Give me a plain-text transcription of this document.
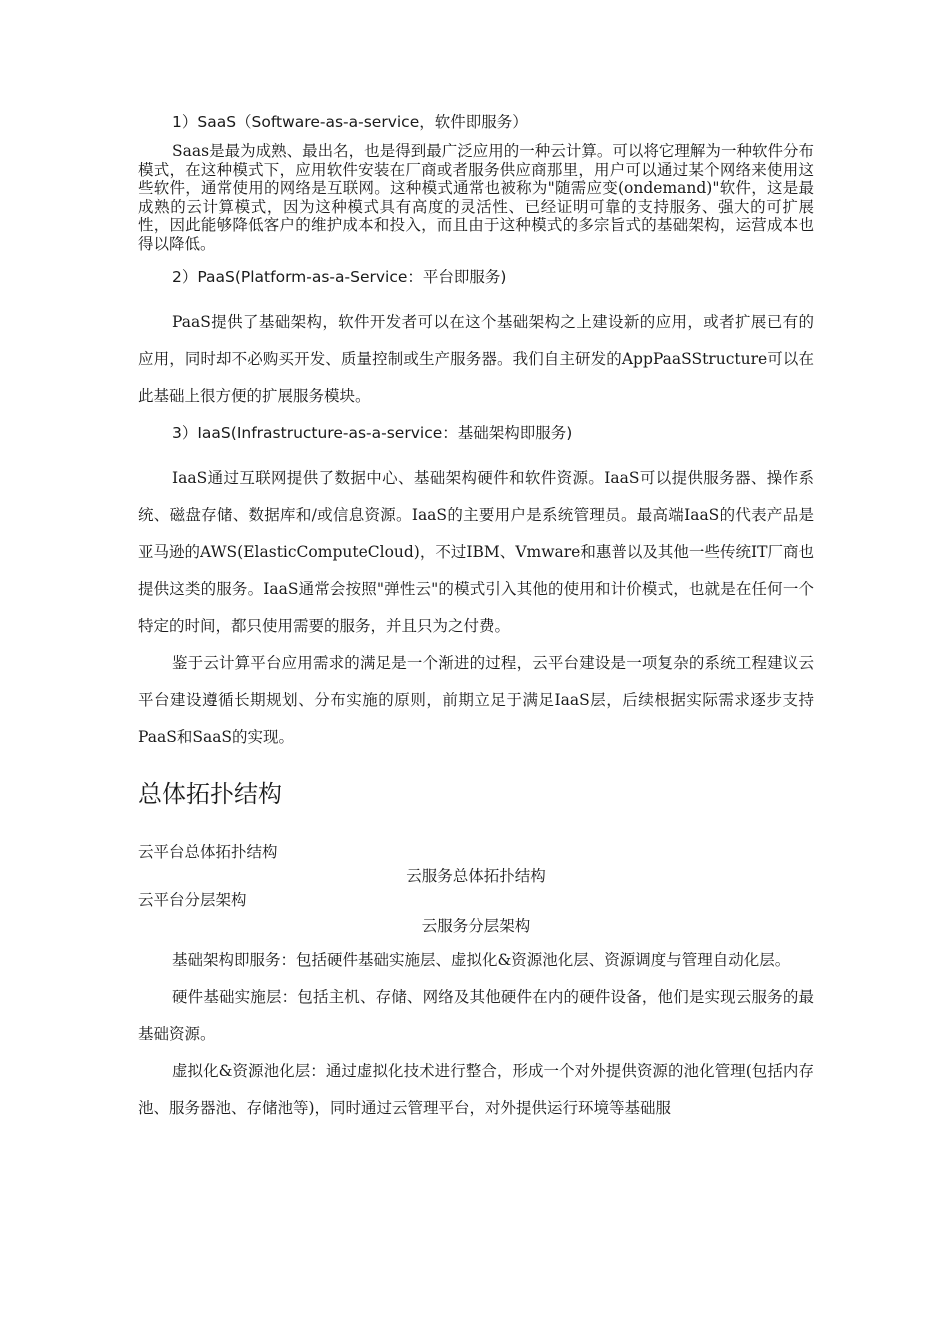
1）SaaS（Software-as-a-service，软件即服务）

Saas是最为成熟、最出名，也是得到最广泛应用的一种云计算。可以将它理解为一种软件分布模式，在这种模式下，应用软件安装在厂商或者服务供应商那里，用户可以通过某个网络来使用这些软件，通常使用的网络是互联网。这种模式通常也被称为"随需应变(ondemand)"软件，这是最成熟的云计算模式，因为这种模式具有高度的灵活性、已经证明可靠的支持服务、强大的可扩展性，因此能够降低客户的维护成本和投入，而且由于这种模式的多宗旨式的基础架构，运营成本也得以降低。

2）PaaS(Platform-as-a-Service：平台即服务)

PaaS提供了基础架构，软件开发者可以在这个基础架构之上建设新的应用，或者扩展已有的应用，同时却不必购买开发、质量控制或生产服务器。我们自主研发的AppPaaSStructure可以在此基础上很方便的扩展服务模块。

3）IaaS(Infrastructure-as-a-service：基础架构即服务)

IaaS通过互联网提供了数据中心、基础架构硬件和软件资源。IaaS可以提供服务器、操作系统、磁盘存储、数据库和/或信息资源。IaaS的主要用户是系统管理员。最高端IaaS的代表产品是亚马逊的AWS(ElasticComputeCloud)，不过IBM、Vmware和惠普以及其他一些传统IT厂商也提供这类的服务。IaaS通常会按照"弹性云"的模式引入其他的使用和计价模式，也就是在任何一个特定的时间，都只使用需要的服务，并且只为之付费。

鉴于云计算平台应用需求的满足是一个渐进的过程，云平台建设是一项复杂的系统工程建议云平台建设遵循长期规划、分布实施的原则，前期立足于满足IaaS层，后续根据实际需求逐步支持PaaS和SaaS的实现。

总体拓扑结构

云平台总体拓扑结构

云服务总体拓扑结构

云平台分层架构

云服务分层架构

基础架构即服务：包括硬件基础实施层、虚拟化&资源池化层、资源调度与管理自动化层。

硬件基础实施层：包括主机、存储、网络及其他硬件在内的硬件设备，他们是实现云服务的最基础资源。

虚拟化&资源池化层：通过虚拟化技术进行整合，形成一个对外提供资源的池化管理(包括内存池、服务器池、存储池等)，同时通过云管理平台，对外提供运行环境等基础服
